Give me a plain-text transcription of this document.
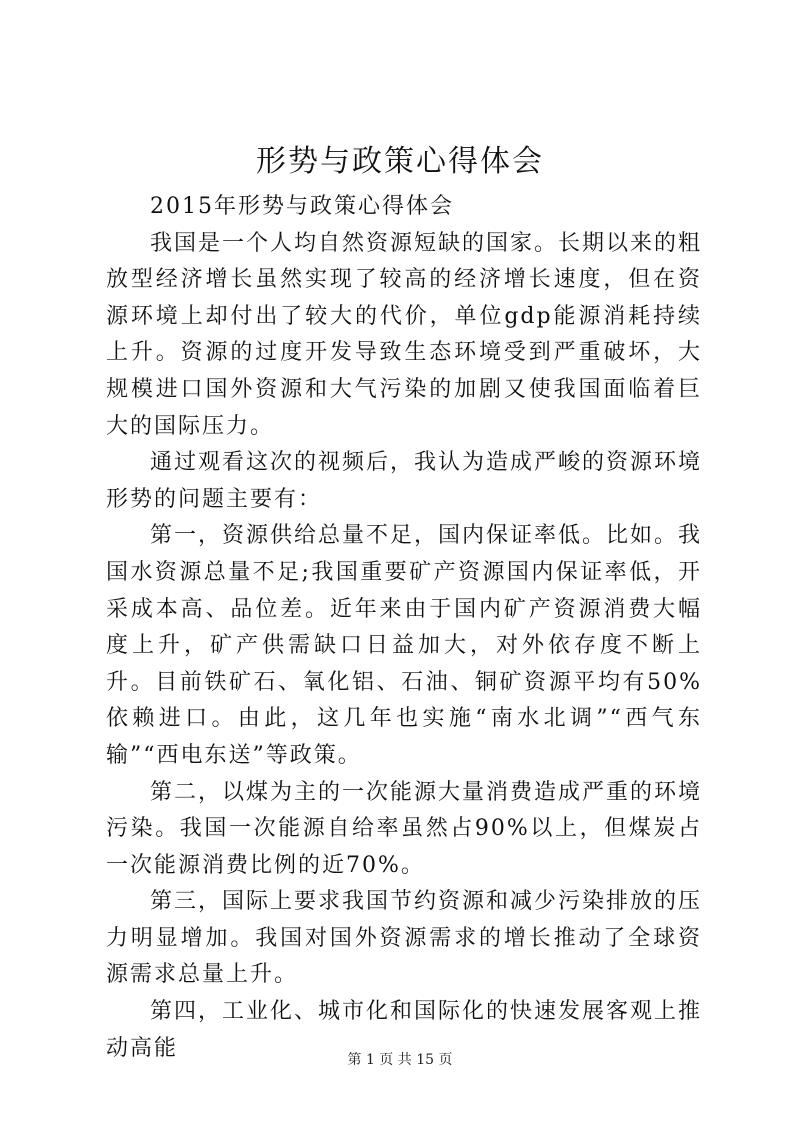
形势与政策心得体会

2015年形势与政策心得体会

我国是一个人均自然资源短缺的国家。长期以来的粗放型经济增长虽然实现了较高的经济增长速度，但在资源环境上却付出了较大的代价，单位gdp能源消耗持续上升。资源的过度开发导致生态环境受到严重破坏，大规模进口国外资源和大气污染的加剧又使我国面临着巨大的国际压力。

通过观看这次的视频后，我认为造成严峻的资源环境形势的问题主要有：

第一，资源供给总量不足，国内保证率低。比如。我国水资源总量不足;我国重要矿产资源国内保证率低，开采成本高、品位差。近年来由于国内矿产资源消费大幅度上升，矿产供需缺口日益加大，对外依存度不断上升。目前铁矿石、氧化铝、石油、铜矿资源平均有50%依赖进口。由此，这几年也实施“南水北调”“西气东输”“西电东送”等政策。

第二，以煤为主的一次能源大量消费造成严重的环境污染。我国一次能源自给率虽然占90%以上，但煤炭占一次能源消费比例的近70%。

第三，国际上要求我国节约资源和减少污染排放的压力明显增加。我国对国外资源需求的增长推动了全球资源需求总量上升。

第四，工业化、城市化和国际化的快速发展客观上推动高能	第 1 页 共 15 页
